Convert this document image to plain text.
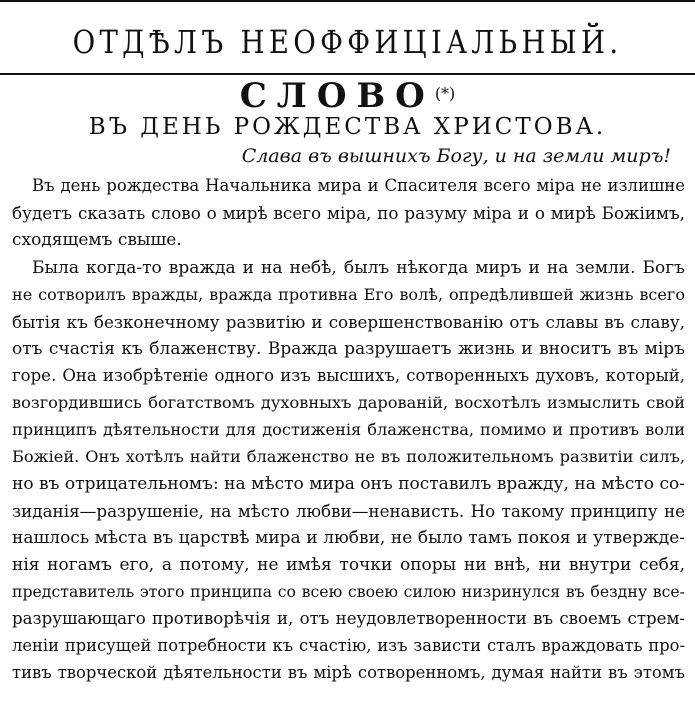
ОТДѢЛЪ НЕОФФИЦІАЛЬНЫЙ.
СЛОВО(*)
ВЪ ДЕНЬ РОЖДЕСТВА ХРИСТОВА.
Слава въ вышнихъ Богу, и на земли миръ!
Въ день рождества Начальника мира и Спасителя всего міра не излишне
будетъ сказать слово о мирѣ всего міра, по разуму міра и о мирѣ Божіимъ,
сходящемъ свыше.
Была когда-то вражда и на небѣ, былъ нѣкогда миръ и на земли. Богъ
не сотворилъ вражды, вражда противна Его волѣ, опредѣлившей жизнь всего
бытія къ безконечному развитію и совершенствованію отъ славы въ славу,
отъ счастія къ блаженству. Вражда разрушаетъ жизнь и вноситъ въ міръ
горе. Она изобрѣтеніе одного изъ высшихъ, сотворенныхъ духовъ, который,
возгордившись богатствомъ духовныхъ дарованій, восхотѣлъ измыслить свой
принципъ дѣятельности для достиженія блаженства, помимо и противъ воли
Божіей. Онъ хотѣлъ найти блаженство не въ положительномъ развитіи силъ,
но въ отрицательномъ: на мѣсто мира онъ поставилъ вражду, на мѣсто со-
зиданія—разрушеніе, на мѣсто любви—ненависть. Но такому принципу не
нашлось мѣста въ царствѣ мира и любви, не было тамъ покоя и утвержде-
нія ногамъ его, а потому, не имѣя точки опоры ни внѣ, ни внутри себя,
представитель этого принципа со всею своею силою низринулся въ бездну все-
разрушающаго противорѣчія и, отъ неудовлетворенности въ своемъ стрем-
леніи присущей потребности къ счастію, изъ зависти сталъ враждовать про-
тивъ творческой дѣятельности въ мірѣ сотворенномъ, думая найти въ этомъ
